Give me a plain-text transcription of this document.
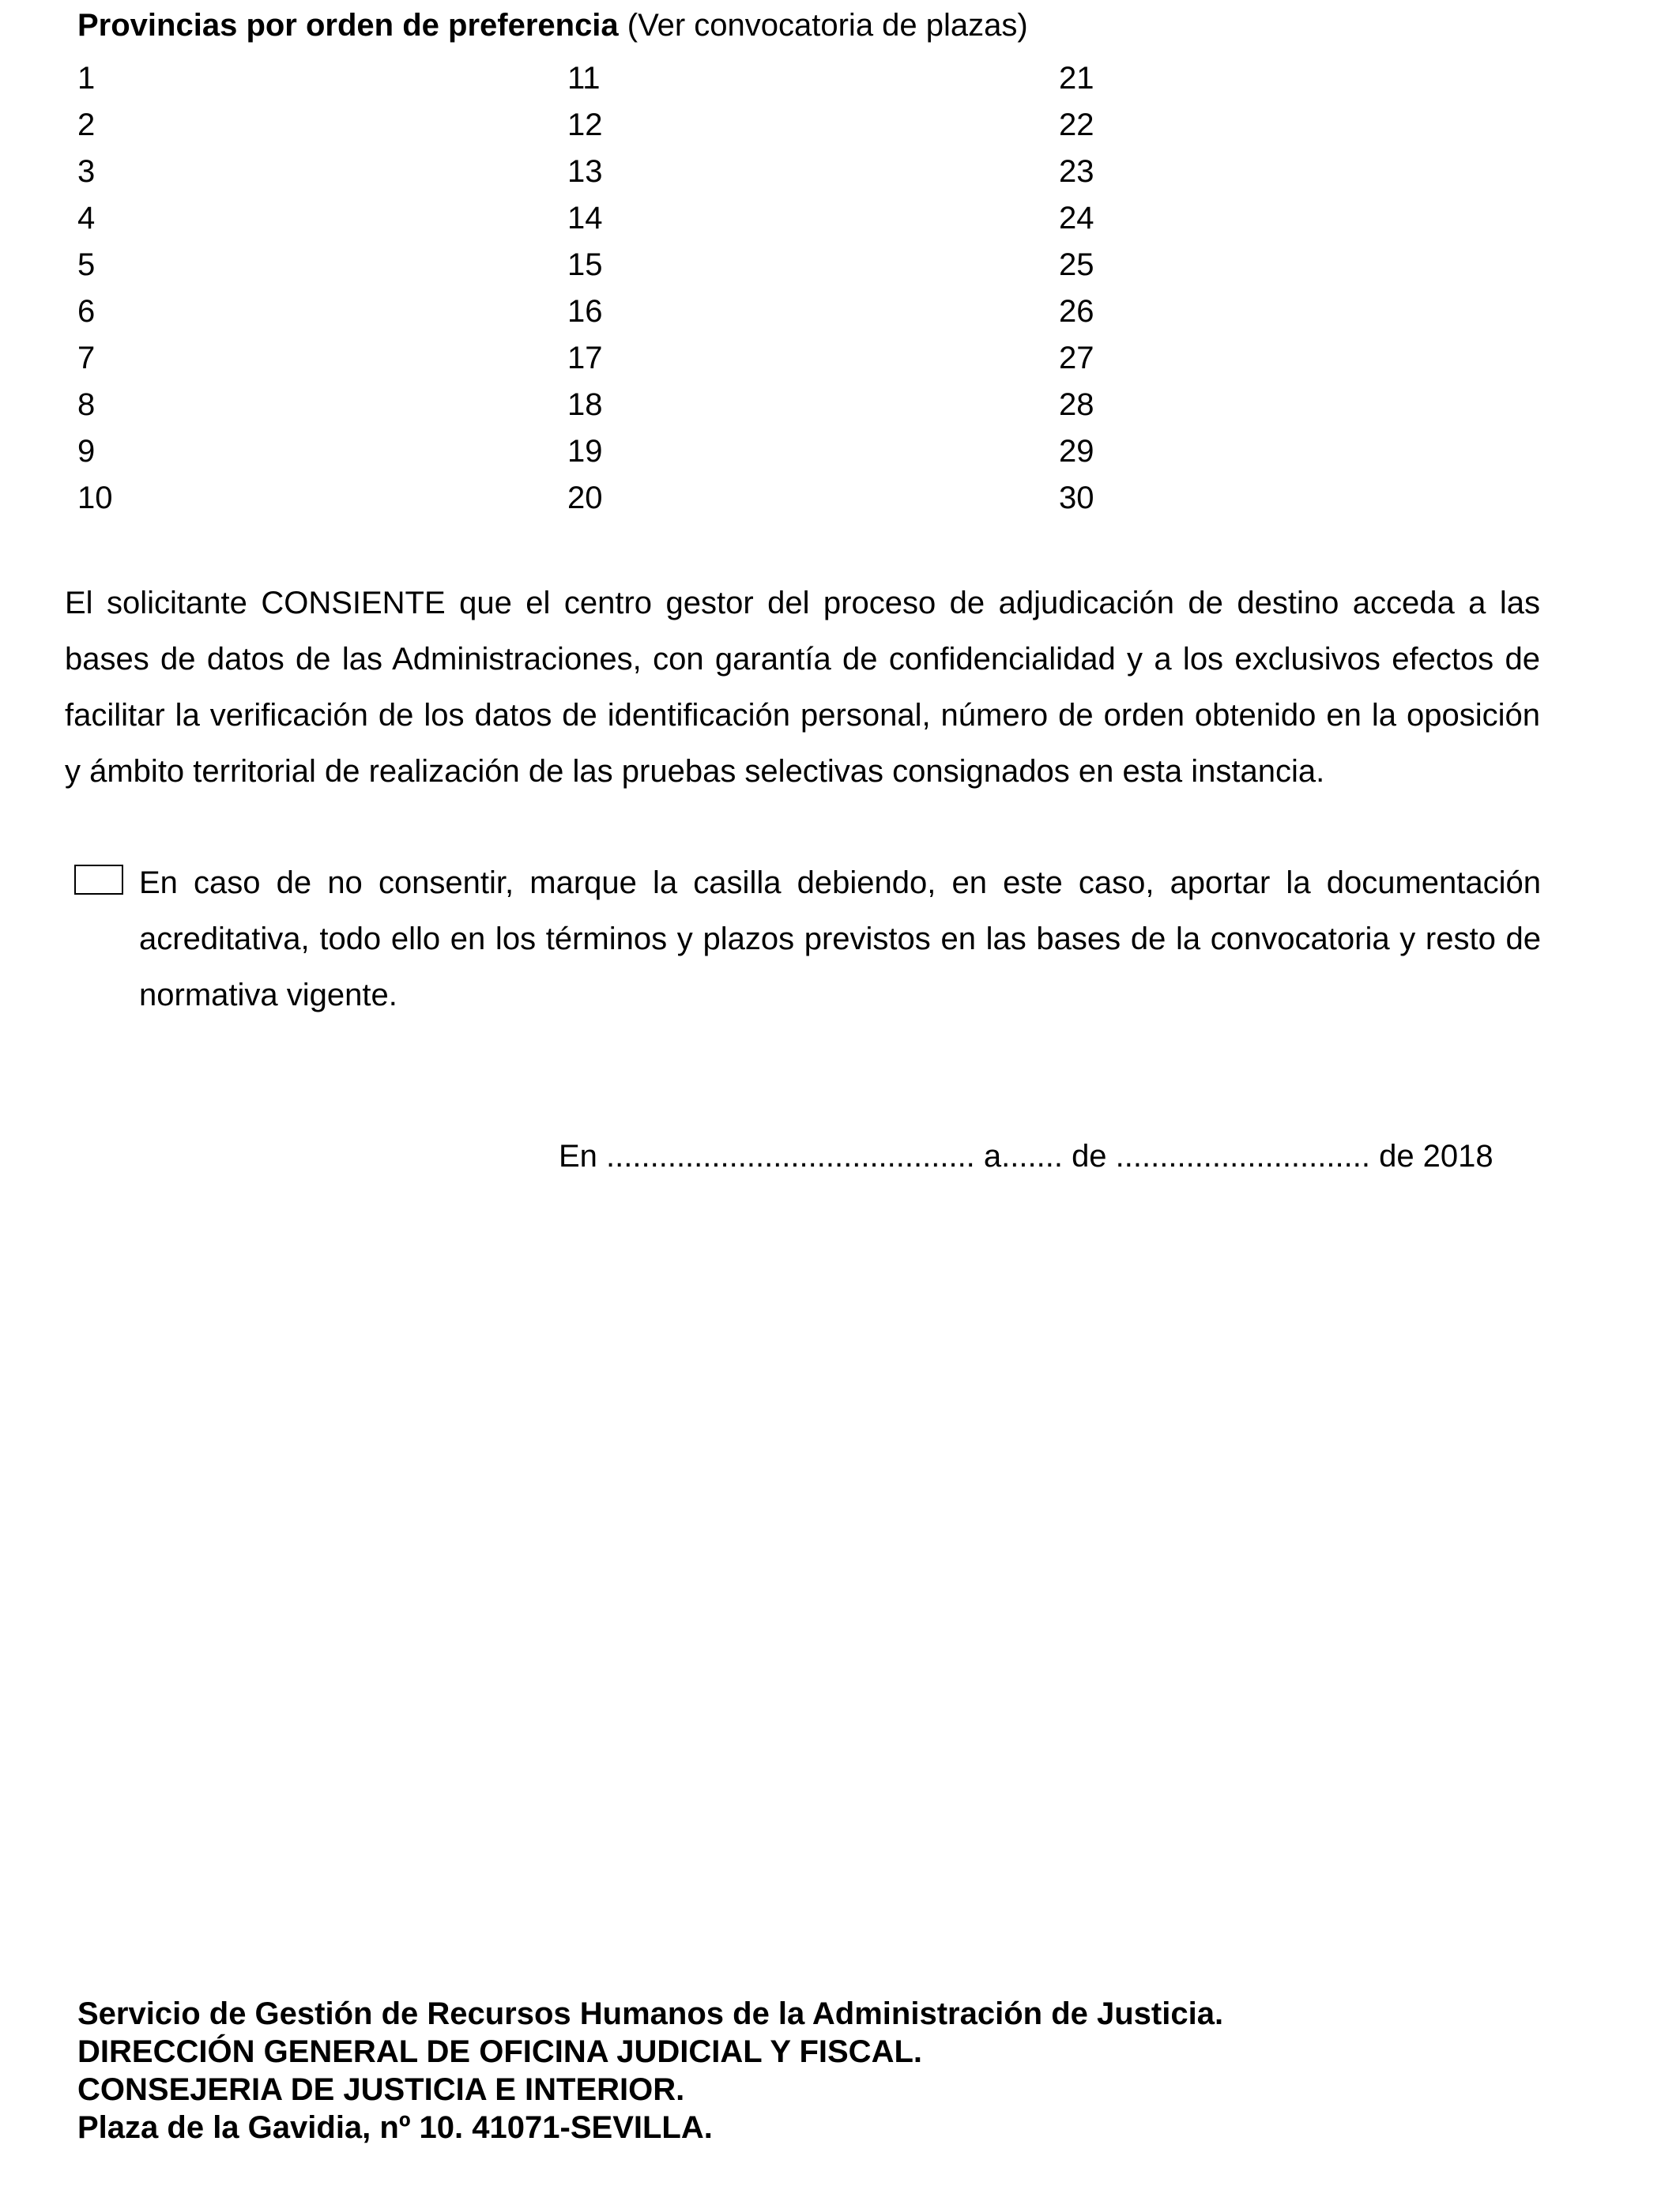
Provincias por orden de preferencia (Ver convocatoria de plazas)
1
2
3
4
5
6
7
8
9
10
11
12
13
14
15
16
17
18
19
20
21
22
23
24
25
26
27
28
29
30
El solicitante CONSIENTE que el centro gestor del proceso de adjudicación de destino acceda a las bases de datos de las Administraciones, con garantía de confidencialidad y a los exclusivos efectos de facilitar la verificación de los datos de identificación personal, número de orden obtenido en la oposición y ámbito territorial de realización de las pruebas selectivas consignados en esta instancia.
En caso de no consentir, marque la casilla debiendo, en este caso, aportar la documentación acreditativa, todo ello en los términos y plazos previstos en las bases de la convocatoria y resto de normativa vigente.
En .......................................... a....... de ............................. de 2018
Servicio de Gestión de Recursos Humanos de la Administración de Justicia.
DIRECCIÓN GENERAL DE OFICINA JUDICIAL Y FISCAL.
CONSEJERIA DE JUSTICIA E INTERIOR.
Plaza de la Gavidia, nº 10. 41071-SEVILLA.
